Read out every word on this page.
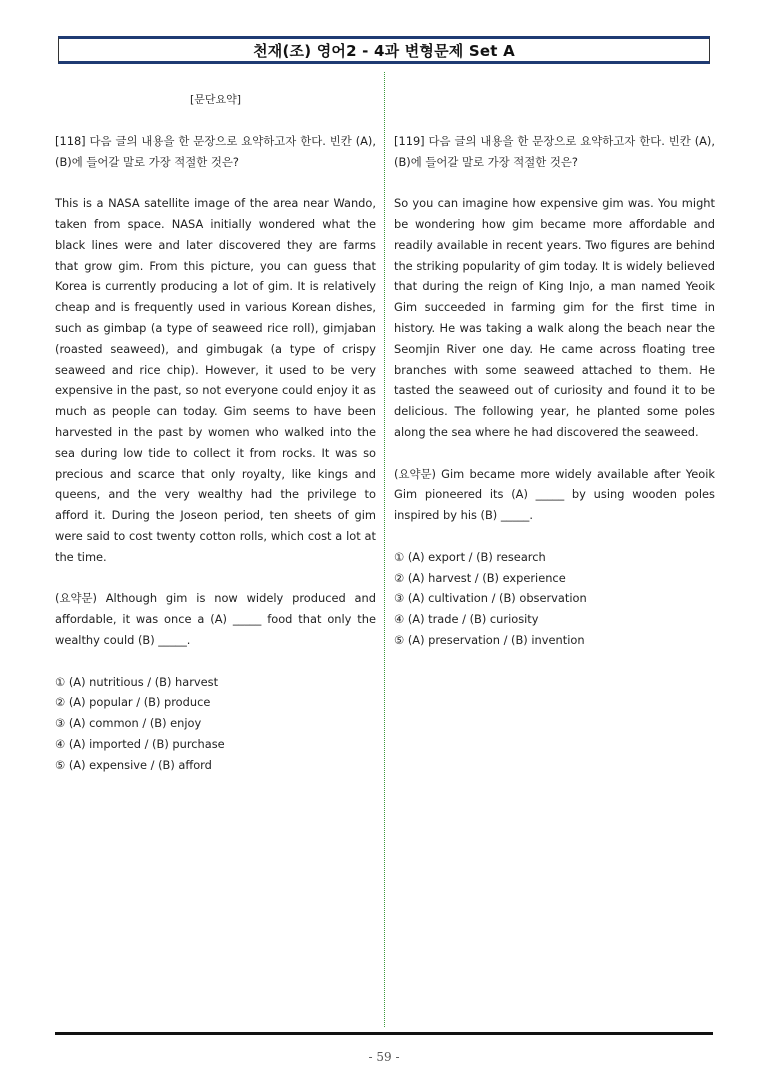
천재(조) 영어2 - 4과 변형문제 Set A

[문단요약]

[118] 다음 글의 내용을 한 문장으로 요약하고자 한다. 빈칸 (A), (B)에 들어갈 말로 가장 적절한 것은?

This is a NASA satellite image of the area near Wando, taken from space. NASA initially wondered what the black lines were and later discovered they are farms that grow gim. From this picture, you can guess that Korea is currently producing a lot of gim. It is relatively cheap and is frequently used in various Korean dishes, such as gimbap (a type of seaweed rice roll), gimjaban (roasted seaweed), and gimbugak (a type of crispy seaweed and rice chip). However, it used to be very expensive in the past, so not everyone could enjoy it as much as people can today. Gim seems to have been harvested in the past by women who walked into the sea during low tide to collect it from rocks. It was so precious and scarce that only royalty, like kings and queens, and the very wealthy had the privilege to afford it. During the Joseon period, ten sheets of gim were said to cost twenty cotton rolls, which cost a lot at the time.

(요약문) Although gim is now widely produced and affordable, it was once a (A) _____ food that only the wealthy could (B) _____.

① (A) nutritious / (B) harvest
② (A) popular / (B) produce
③ (A) common / (B) enjoy
④ (A) imported / (B) purchase
⑤ (A) expensive / (B) afford

[119] 다음 글의 내용을 한 문장으로 요약하고자 한다. 빈칸 (A), (B)에 들어갈 말로 가장 적절한 것은?

So you can imagine how expensive gim was. You might be wondering how gim became more affordable and readily available in recent years. Two figures are behind the striking popularity of gim today. It is widely believed that during the reign of King Injo, a man named Yeoik Gim succeeded in farming gim for the first time in history. He was taking a walk along the beach near the Seomjin River one day. He came across floating tree branches with some seaweed attached to them. He tasted the seaweed out of curiosity and found it to be delicious. The following year, he planted some poles along the sea where he had discovered the seaweed.

(요약문) Gim became more widely available after Yeoik Gim pioneered its (A) _____ by using wooden poles inspired by his (B) _____.

① (A) export / (B) research
② (A) harvest / (B) experience
③ (A) cultivation / (B) observation
④ (A) trade / (B) curiosity
⑤ (A) preservation / (B) invention
- 59 -
